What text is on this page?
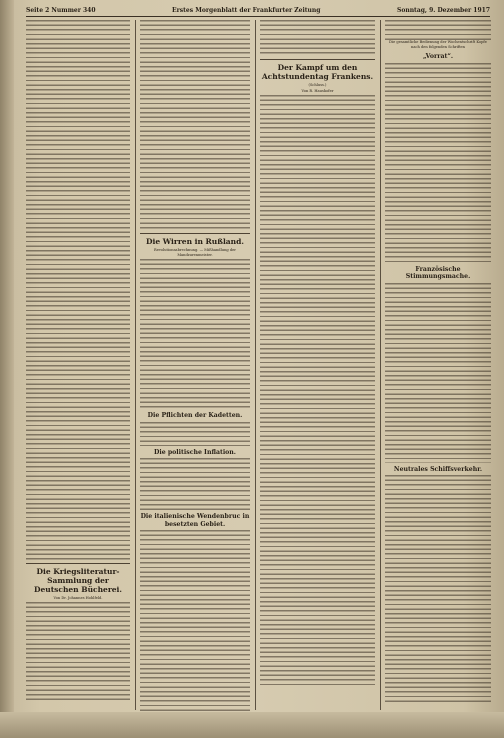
Seite 2 Nummer 340	Erstes Morgenblatt der Frankfurter Zeitung	Sonntag, 9. Dezember 1917
Die Kriegsliteratur-Sammlung der Deutschen Bücherei.
Von Dr. Johannes Hohlfeld.
Die Wirren in Rußland.
Revolutionsabrechnung. — Mißhandlung der Mandzurenmeister.
Die Pflichten der Kadetten.
Die politische Inflation.
Die italienische Wendenbruc in besetzten Gebiet.
Der Kampf um den Achtstundentag Frankens.
(Schluss.)
Von R. Haushofer
Die gesamtliche Bedienung der Wochentschrift Kopfe nach den folgenden Schriften
„Vorrat“.
Französische Stimmungsmache.
Neutrales Schiffsverkehr.
